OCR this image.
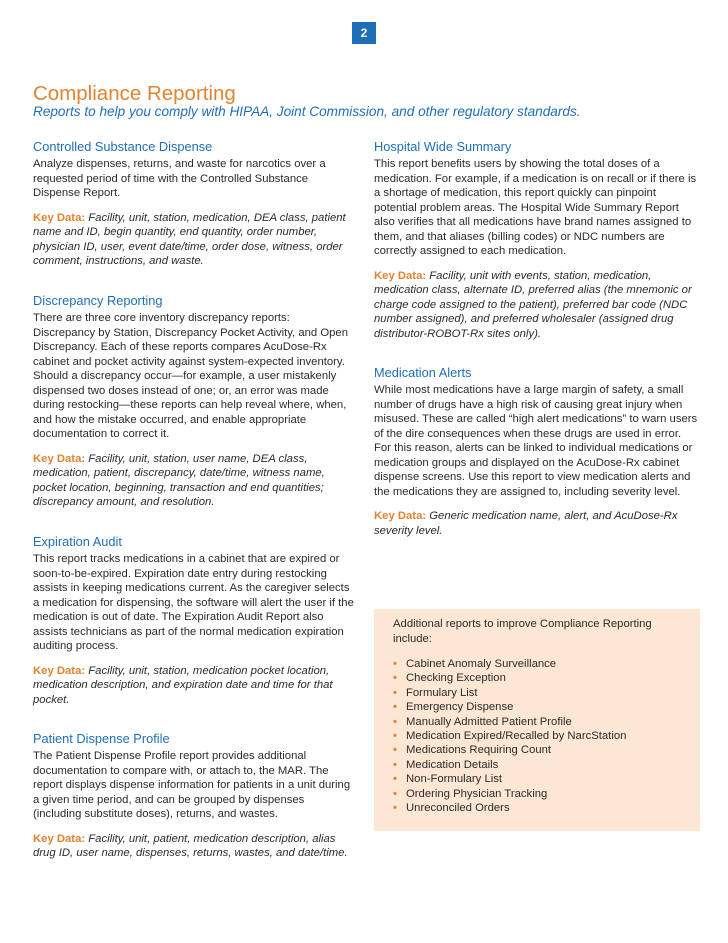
2
Compliance Reporting

Reports to help you comply with HIPAA, Joint Commission, and other regulatory standards.

Controlled Substance Dispense

Analyze dispenses, returns, and waste for narcotics over a requested period of time with the Controlled Substance Dispense Report.

Key Data: Facility, unit, station, medication, DEA class, patient name and ID, begin quantity, end quantity, order number, physician ID, user, event date/time, order dose, witness, order comment, instructions, and waste.

Discrepancy Reporting

There are three core inventory discrepancy reports: Discrepancy by Station, Discrepancy Pocket Activity, and Open Discrepancy. Each of these reports compares AcuDose-Rx cabinet and pocket activity against system-expected inventory. Should a discrepancy occur—for example, a user mistakenly dispensed two doses instead of one; or, an error was made during restocking—these reports can help reveal where, when, and how the mistake occurred, and enable appropriate documentation to correct it.

Key Data: Facility, unit, station, user name, DEA class, medication, patient, discrepancy, date/time, witness name, pocket location, beginning, transaction and end quantities; discrepancy amount, and resolution.

Expiration Audit

This report tracks medications in a cabinet that are expired or soon-to-be-expired. Expiration date entry during restocking assists in keeping medications current. As the caregiver selects a medication for dispensing, the software will alert the user if the medication is out of date. The Expiration Audit Report also assists technicians as part of the normal medication expiration auditing process.

Key Data: Facility, unit, station, medication pocket location, medication description, and expiration date and time for that pocket.

Patient Dispense Profile

The Patient Dispense Profile report provides additional documentation to compare with, or attach to, the MAR. The report displays dispense information for patients in a unit during a given time period, and can be grouped by dispenses (including substitute doses), returns, and wastes.

Key Data: Facility, unit, patient, medication description, alias drug ID, user name, dispenses, returns, wastes, and date/time.

Hospital Wide Summary

This report benefits users by showing the total doses of a medication. For example, if a medication is on recall or if there is a shortage of medication, this report quickly can pinpoint potential problem areas. The Hospital Wide Summary Report also verifies that all medications have brand names assigned to them, and that aliases (billing codes) or NDC numbers are correctly assigned to each medication.

Key Data: Facility, unit with events, station, medication, medication class, alternate ID, preferred alias (the mnemonic or charge code assigned to the patient), preferred bar code (NDC number assigned), and preferred wholesaler (assigned drug distributor-ROBOT-Rx sites only).

Medication Alerts

While most medications have a large margin of safety, a small number of drugs have a high risk of causing great injury when misused. These are called “high alert medications” to warn users of the dire consequences when these drugs are used in error. For this reason, alerts can be linked to individual medications or medication groups and displayed on the AcuDose-Rx cabinet dispense screens. Use this report to view medication alerts and the medications they are assigned to, including severity level.

Key Data: Generic medication name, alert, and AcuDose-Rx severity level.

Additional reports to improve Compliance Reporting include:

• Cabinet Anomaly Surveillance
• Checking Exception
• Formulary List
• Emergency Dispense
• Manually Admitted Patient Profile
• Medication Expired/Recalled by NarcStation
• Medications Requiring Count
• Medication Details
• Non-Formulary List
• Ordering Physician Tracking
• Unreconciled Orders
